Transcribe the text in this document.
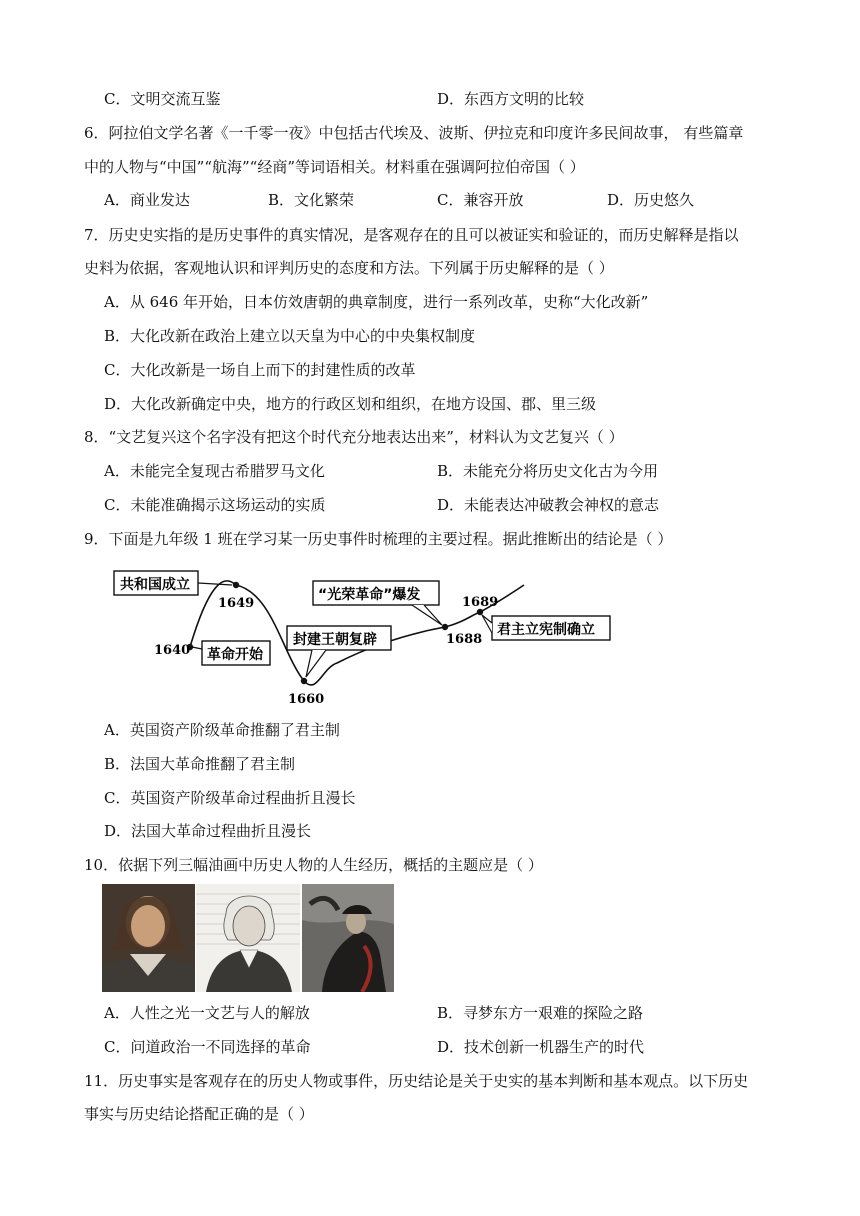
C．文明交流互鉴	D．东西方文明的比较
6．阿拉伯文学名著《一千零一夜》中包括古代埃及、波斯、伊拉克和印度许多民间故事， 有些篇章
中的人物与“中国”“航海”“经商”等词语相关。材料重在强调阿拉伯帝国（ ）
A．商业发达	B．文化繁荣	C．兼容开放	D．历史悠久
7．历史史实指的是历史事件的真实情况，是客观存在的且可以被证实和验证的，而历史解释是指以
史料为依据，客观地认识和评判历史的态度和方法。下列属于历史解释的是（ ）
A．从 646 年开始，日本仿效唐朝的典章制度，进行一系列改革，史称“大化改新”
B．大化改新在政治上建立以天皇为中心的中央集权制度
C．大化改新是一场自上而下的封建性质的改革
D．大化改新确定中央，地方的行政区划和组织，在地方设国、郡、里三级
8．“文艺复兴这个名字没有把这个时代充分地表达出来”，材料认为文艺复兴（ ）
A．未能完全复现古希腊罗马文化	B．未能充分将历史文化古为今用
C．未能准确揭示这场运动的实质	D．未能表达冲破教会神权的意志
9．下面是九年级 1 班在学习某一历史事件时梳理的主要过程。据此推断出的结论是（ ）
共和国成立
革命开始
封建王朝复辟
“光荣革命”爆发
君主立宪制确立
1649
1640
1660
1688
1689
A．英国资产阶级革命推翻了君主制
B．法国大革命推翻了君主制
C．英国资产阶级革命过程曲折且漫长
D．法国大革命过程曲折且漫长
10．依据下列三幅油画中历史人物的人生经历，概括的主题应是（ ）
A．人性之光一文艺与人的解放	B．寻梦东方一艰难的探险之路
C．问道政治一不同选择的革命	D．技术创新一机器生产的时代
11．历史事实是客观存在的历史人物或事件，历史结论是关于史实的基本判断和基本观点。以下历史
事实与历史结论搭配正确的是（ ）
